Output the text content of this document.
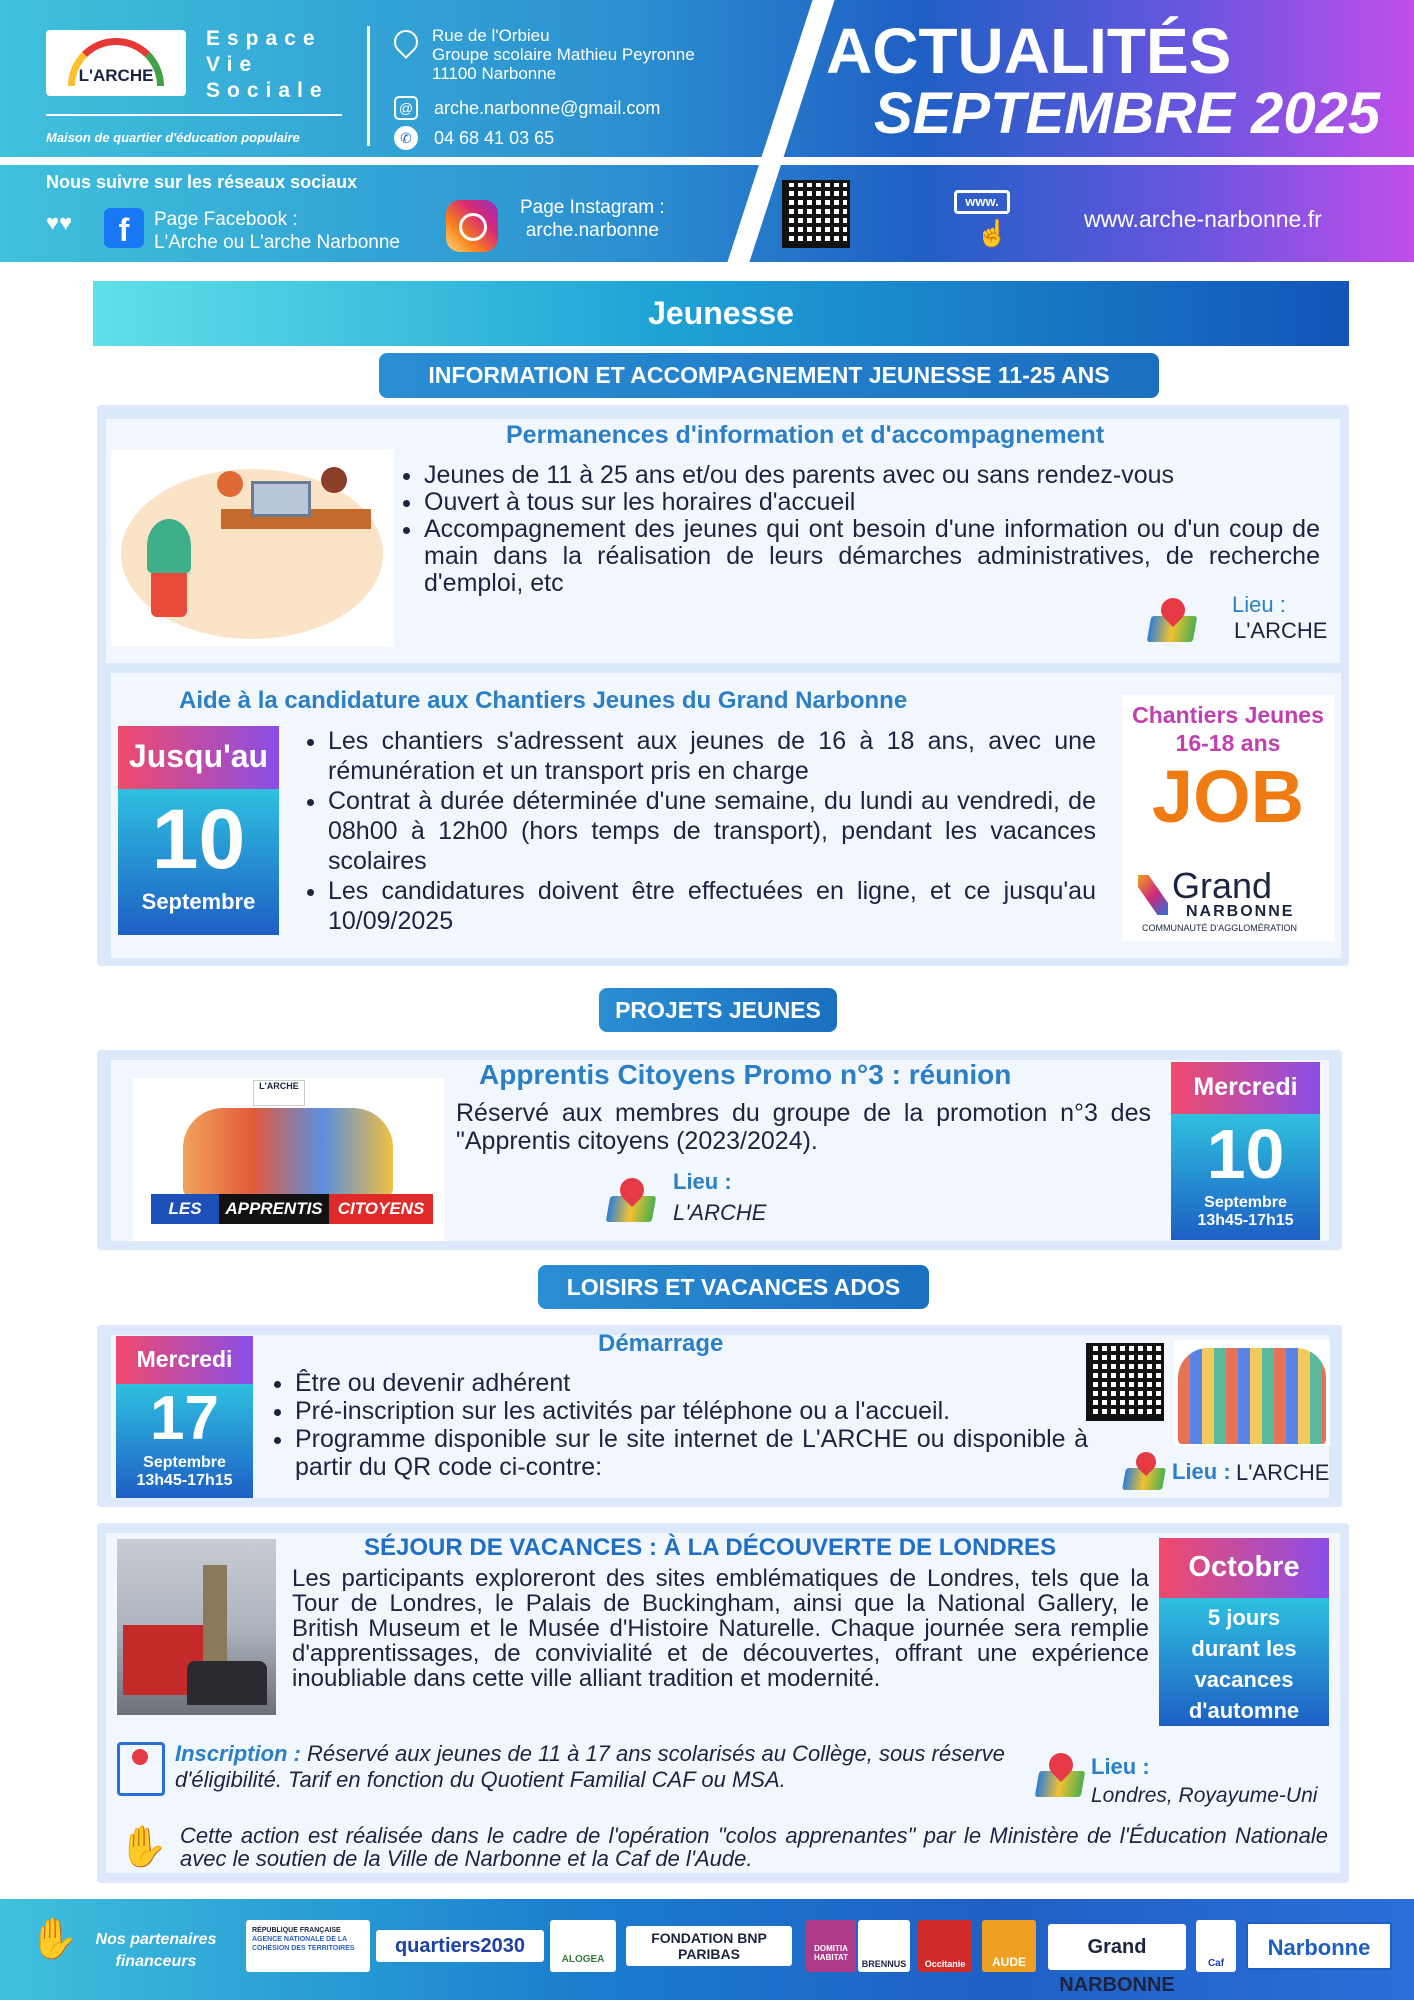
L'ARCHE
Espace
Vie
Sociale
Maison de quartier d'éducation populaire
Rue de l'Orbieu
Groupe scolaire Mathieu Peyronne
11100 Narbonne
@ arche.narbonne@gmail.com
✆	04 68 41 03 65
ACTUALITÉS
SEPTEMBRE 2025
Nous suivre sur les réseaux sociaux
♥♥	f	Page Facebook :
L'Arche ou L'arche Narbonne
Page Instagram :
arche.narbonne
www.
☝	www.arche-narbonne.fr
Jeunesse
INFORMATION ET ACCOMPAGNEMENT JEUNESSE 11-25 ANS
Permanences d'information et d'accompagnement
• Jeunes de 11 à 25 ans et/ou des parents avec ou sans rendez-vous
• Ouvert à tous sur les horaires d'accueil
• Accompagnement des jeunes qui ont besoin d'une information ou d'un coup de main dans la réalisation de leurs démarches administratives, de recherche d'emploi, etc
Lieu :
L'ARCHE
Aide à la candidature aux Chantiers Jeunes du Grand Narbonne
Jusqu'au
10
Septembre
• Les chantiers s'adressent aux jeunes de 16 à 18 ans, avec une rémunération et un transport pris en charge
• Contrat à durée déterminée d'une semaine, du lundi au vendredi, de 08h00 à 12h00 (hors temps de transport), pendant les vacances scolaires
• Les candidatures doivent être effectuées en ligne, et ce jusqu'au 10/09/2025
Chantiers Jeunes
16-18 ans
JOB
Grand
NARBONNE
COMMUNAUTÉ D'AGGLOMÉRATION
PROJETS JEUNES
L'ARCHE
LES	APPRENTIS CITOYENS
Apprentis Citoyens Promo n°3 : réunion
Réservé aux membres du groupe de la promotion n°3 des "Apprentis citoyens (2023/2024).
Lieu :
L'ARCHE
Mercredi
10
Septembre
13h45-17h15
LOISIRS ET VACANCES ADOS
Mercredi
17
Septembre
13h45-17h15
Démarrage
• Être ou devenir adhérent
• Pré-inscription sur les activités par téléphone ou a l'accueil.
• Programme disponible sur le site internet de L'ARCHE ou disponible à partir du QR code ci-contre:	Lieu : L'ARCHE
SÉJOUR DE VACANCES : À LA DÉCOUVERTE DE LONDRES
Les participants exploreront des sites emblématiques de Londres, tels que la Tour de Londres, le Palais de Buckingham, ainsi que la National Gallery, le British Museum et le Musée d'Histoire Naturelle. Chaque journée sera remplie d'apprentissages, de convivialité et de découvertes, offrant une expérience inoubliable dans cette ville alliant tradition et modernité.
Octobre
5 jours
durant les
vacances
d'automne
Inscription : Réservé aux jeunes de 11 à 17 ans scolarisés au Collège, sous réserve d'éligibilité. Tarif en fonction du Quotient Familial CAF ou MSA.
Lieu :
Londres, Royayume-Uni
✋ Cette action est réalisée dans le cadre de l'opération "colos apprenantes" par le Ministère de l'Éducation Nationale avec le soutien de la Ville de Narbonne et la Caf de l'Aude.
✋	Nos partenaires
financeurs
RÉPUBLIQUE FRANÇAISE
AGENCE NATIONALE DE LA COHÉSION DES TERRITOIRES	quartiers2030
ALOGEA
FONDATION BNP PARIBAS	DOMITIA HABITAT
BRENNUS	Occitanie	AUDE
Grand NARBONNE
Caf
Narbonne
